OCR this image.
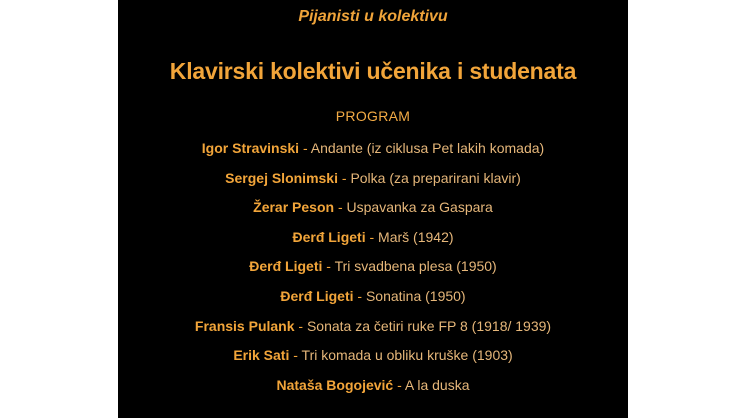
Pijanisti u kolektivu
Klavirski kolektivi učenika i studenata
PROGRAM
Igor Stravinski - Andante (iz ciklusa Pet lakih komada)
Sergej Slonimski - Polka (za preparirani klavir)
Žerar Peson - Uspavanka za Gaspara
Đerđ Ligeti - Marš (1942)
Đerđ Ligeti - Tri svadbena plesa (1950)
Đerđ Ligeti - Sonatina (1950)
Fransis Pulank - Sonata za četiri ruke FP 8 (1918/ 1939)
Erik Sati - Tri komada u obliku kruške (1903)
Nataša Bogojević - A la duska
